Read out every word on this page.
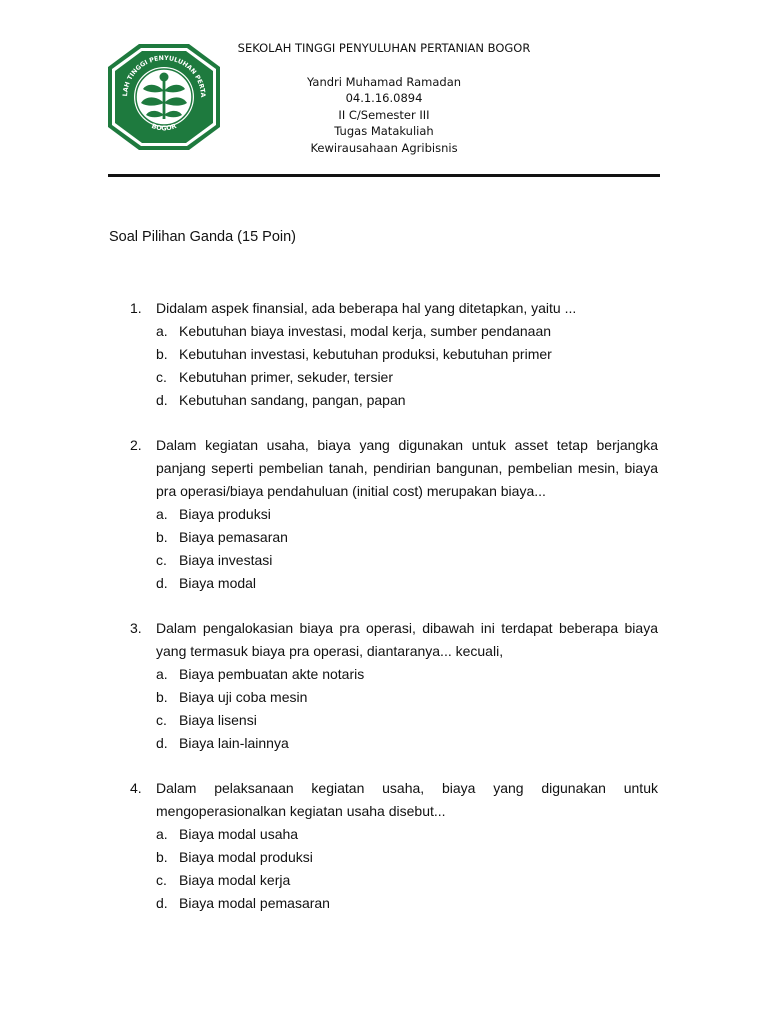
LAH TINGGI PENYULUHAN PERTA
BOGOR
SEKOLAH TINGGI PENYULUHAN PERTANIAN BOGOR
Yandri Muhamad Ramadan
04.1.16.0894
II C/Semester III
Tugas Matakuliah
Kewirausahaan Agribisnis
Soal Pilihan Ganda (15 Poin)
1.	Didalam aspek finansial, ada beberapa hal yang ditetapkan, yaitu ...
a. Kebutuhan biaya investasi, modal kerja, sumber pendanaan
b. Kebutuhan investasi, kebutuhan produksi, kebutuhan primer
c. Kebutuhan primer, sekuder, tersier
d. Kebutuhan sandang, pangan, papan
2.	Dalam kegiatan usaha, biaya yang digunakan untuk asset tetap berjangka panjang seperti pembelian tanah, pendirian bangunan, pembelian mesin, biaya pra operasi/biaya pendahuluan (initial cost) merupakan biaya...
a. Biaya produksi
b. Biaya pemasaran
c. Biaya investasi
d. Biaya modal
3.	Dalam pengalokasian biaya pra operasi, dibawah ini terdapat beberapa biaya yang termasuk biaya pra operasi, diantaranya... kecuali,
a. Biaya pembuatan akte notaris
b. Biaya uji coba mesin
c. Biaya lisensi
d. Biaya lain-lainnya
4.	Dalam pelaksanaan kegiatan usaha, biaya yang digunakan untuk mengoperasionalkan kegiatan usaha disebut...
a. Biaya modal usaha
b. Biaya modal produksi
c. Biaya modal kerja
d. Biaya modal pemasaran
